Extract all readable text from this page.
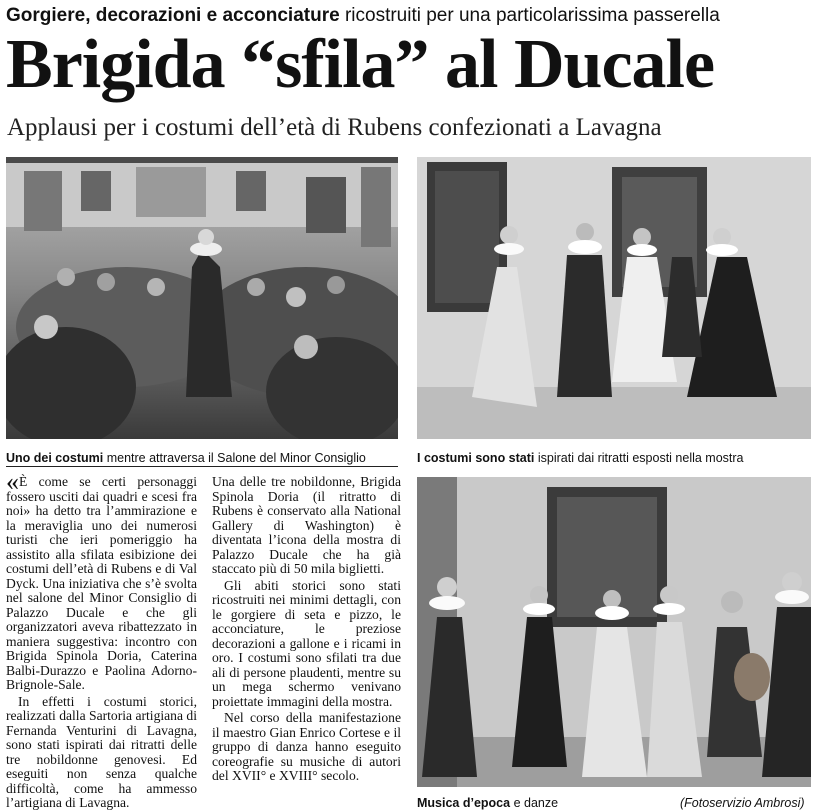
Gorgiere, decorazioni e acconciature ricostruiti per una particolarissima passerella
Brigida “sfila” al Ducale
Applausi per i costumi dell’età di Rubens confezionati a Lavagna
Uno dei costumi mentre attraversa il Salone del Minor Consiglio	I costumi sono stati ispirati dai ritratti esposti nella mostra
Musica d’epoca e danze	(Fotoservizio Ambrosi)

«È come se certi personaggi fossero usciti dai quadri e scesi fra noi» ha detto tra l’ammirazione e la meraviglia uno dei numerosi turisti che ieri pomeriggio ha assistito alla sfilata esibizione dei costumi dell’età di Rubens e di Val Dyck. Una iniziativa che s’è svolta nel salone del Minor Consiglio di Palazzo Ducale e che gli organizzatori aveva ribattezzato in maniera suggestiva: incontro con Brigida Spinola Doria, Caterina Balbi-Durazzo e Paolina Adorno-Brignole-Sale.

In effetti i costumi storici, realizzati dalla Sartoria artigiana di Fernanda Venturini di Lavagna, sono stati ispirati dai ritratti delle tre nobildonne genovesi. Ed eseguiti non senza qualche difficoltà, come ha ammesso l’artigiana di Lavagna.

Una delle tre nobildonne, Brigida Spinola Doria (il ritratto di Rubens è conservato alla National Gallery di Washington) è diventata l’icona della mostra di Palazzo Ducale che ha già staccato più di 50 mila biglietti.

Gli abiti storici sono stati ricostruiti nei minimi dettagli, con le gorgiere di seta e pizzo, le acconciature, le preziose decorazioni a gallone e i ricami in oro. I costumi sono sfilati tra due ali di persone plaudenti, mentre su un mega schermo venivano proiettate immagini della mostra.

Nel corso della manifestazione il maestro Gian Enrico Cortese e il gruppo di danza hanno eseguito coreografie su musiche di autori del XVII° e XVIII° secolo.
